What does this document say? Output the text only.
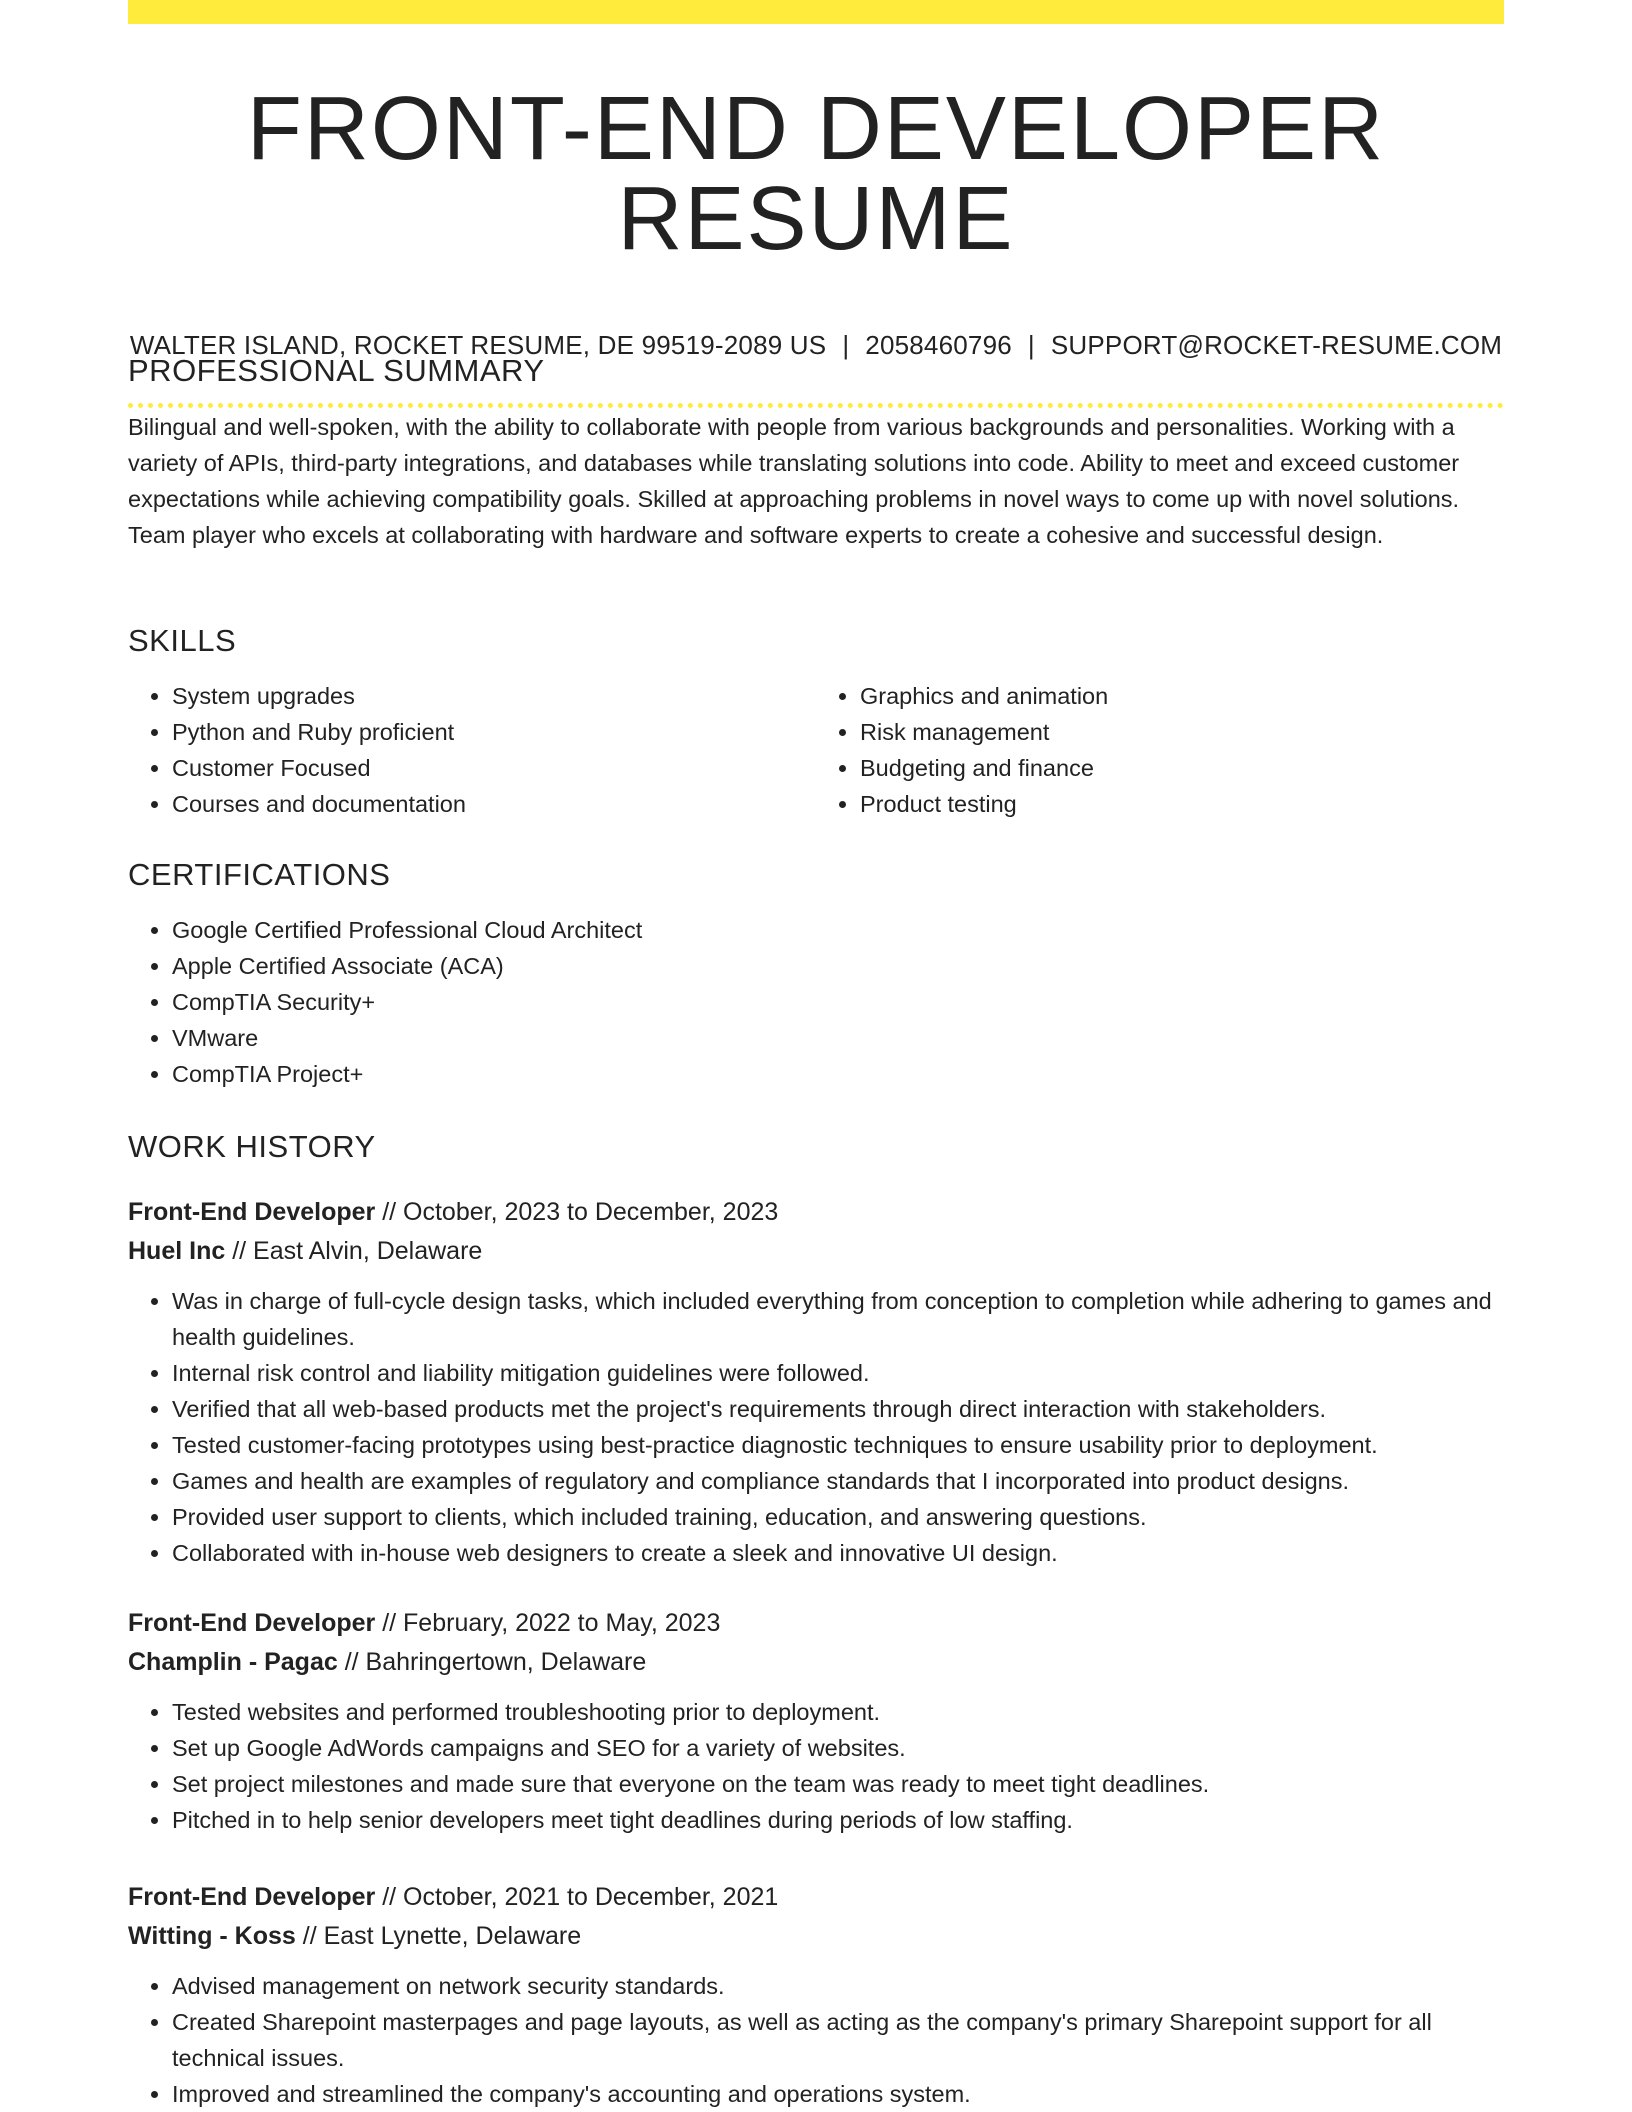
FRONT-END DEVELOPER RESUME
WALTER ISLAND, ROCKET RESUME, DE 99519-2089 US | 2058460796 | SUPPORT@ROCKET-RESUME.COM
PROFESSIONAL SUMMARY

Bilingual and well-spoken, with the ability to collaborate with people from various backgrounds and personalities. Working with a variety of APIs, third-party integrations, and databases while translating solutions into code. Ability to meet and exceed customer expectations while achieving compatibility goals. Skilled at approaching problems in novel ways to come up with novel solutions. Team player who excels at collaborating with hardware and software experts to create a cohesive and successful design.

SKILLS
• System upgrades
• Python and Ruby proficient
• Customer Focused
• Courses and documentation
• Graphics and animation
• Risk management
• Budgeting and finance
• Product testing
CERTIFICATIONS
• Google Certified Professional Cloud Architect
• Apple Certified Associate (ACA)
• CompTIA Security+
• VMware
• CompTIA Project+
WORK HISTORY
Front-End Developer // October, 2023 to December, 2023
Huel Inc // East Alvin, Delaware
• Was in charge of full-cycle design tasks, which included everything from conception to completion while adhering to games and health guidelines.
• Internal risk control and liability mitigation guidelines were followed.
• Verified that all web-based products met the project's requirements through direct interaction with stakeholders.
• Tested customer-facing prototypes using best-practice diagnostic techniques to ensure usability prior to deployment.
• Games and health are examples of regulatory and compliance standards that I incorporated into product designs.
• Provided user support to clients, which included training, education, and answering questions.
• Collaborated with in-house web designers to create a sleek and innovative UI design.
Front-End Developer // February, 2022 to May, 2023
Champlin - Pagac // Bahringertown, Delaware
• Tested websites and performed troubleshooting prior to deployment.
• Set up Google AdWords campaigns and SEO for a variety of websites.
• Set project milestones and made sure that everyone on the team was ready to meet tight deadlines.
• Pitched in to help senior developers meet tight deadlines during periods of low staffing.
Front-End Developer // October, 2021 to December, 2021
Witting - Koss // East Lynette, Delaware
• Advised management on network security standards.
• Created Sharepoint masterpages and page layouts, as well as acting as the company's primary Sharepoint support for all technical issues.
• Improved and streamlined the company's accounting and operations system.
